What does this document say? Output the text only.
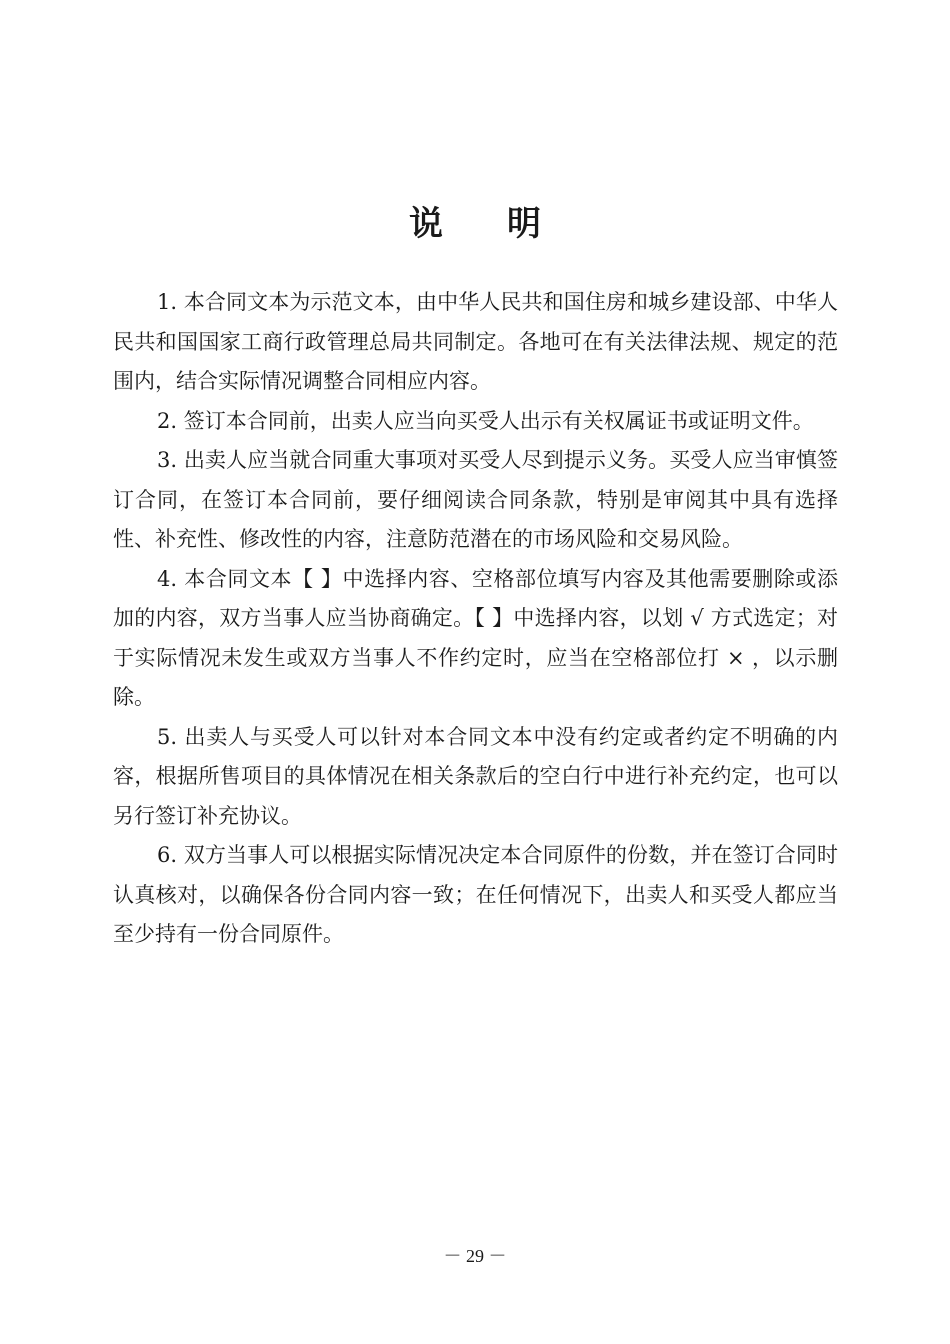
说 明

1. 本合同文本为示范文本，由中华人民共和国住房和城乡建设部、中华人民共和国国家工商行政管理总局共同制定。各地可在有关法律法规、规定的范围内，结合实际情况调整合同相应内容。

2. 签订本合同前，出卖人应当向买受人出示有关权属证书或证明文件。

3. 出卖人应当就合同重大事项对买受人尽到提示义务。买受人应当审慎签订合同，在签订本合同前，要仔细阅读合同条款，特别是审阅其中具有选择性、补充性、修改性的内容，注意防范潜在的市场风险和交易风险。

4. 本合同文本【 】中选择内容、空格部位填写内容及其他需要删除或添加的内容，双方当事人应当协商确定。【 】中选择内容，以划 √ 方式选定；对于实际情况未发生或双方当事人不作约定时，应当在空格部位打 × ，以示删除。

5. 出卖人与买受人可以针对本合同文本中没有约定或者约定不明确的内容，根据所售项目的具体情况在相关条款后的空白行中进行补充约定，也可以另行签订补充协议。

6. 双方当事人可以根据实际情况决定本合同原件的份数，并在签订合同时认真核对，以确保各份合同内容一致；在任何情况下，出卖人和买受人都应当至少持有一份合同原件。

－ 29 －
